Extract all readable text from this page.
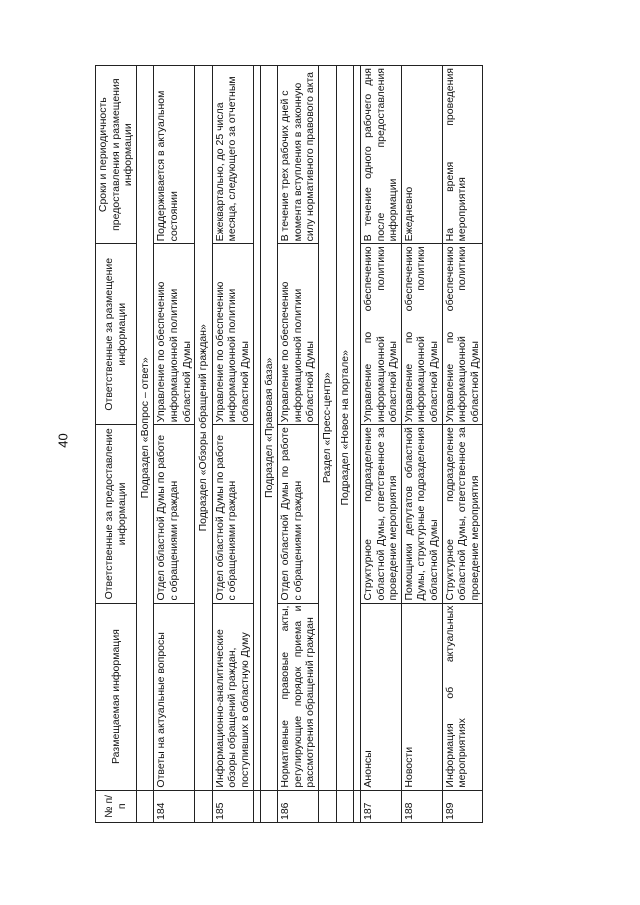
40
№ п/п	Размещаемая информация	Ответственные за предоставление информации	Ответственные за размещение информации	Сроки и периодичность предоставления и размещения информации
	Подраздел «Вопрос – ответ»			
184	Ответы на актуальные вопросы	Отдел областной Думы по работе с обращениями граждан	Управление по обеспечению информационной политики областной Думы	Поддерживается в актуальном состоянии
	Подраздел «Обзоры обращений граждан»			
185	Информационно-аналитические обзоры обращений граждан, поступивших в областную Думу	Отдел областной Думы по работе с обращениями граждан	Управление по обеспечению информационной политики областной Думы	Ежеквартально, до 25 числа месяца, следующего за отчетным

	Подраздел «Правовая база»			
186	Нормативные правовые акты, регулирующие порядок приема и рассмотрения обращений граждан	Отдел областной Думы по работе с обращениями граждан	Управление по обеспечению информационной политики областной Думы	В течение трех рабочих дней с момента вступления в законную силу нормативного правового акта
	Раздел «Пресс-центр»			
	Подраздел «Новое на портале»			

187	Анонсы	Структурное подразделение областной Думы, ответственное за проведение мероприятия	Управление по обеспечению информационной политики областной Думы	В течение одного рабочего дня после предоставления информации
188	Новости	Помощники депутатов областной Думы, структурные подразделения областной Думы	Управление по обеспечению информационной политики областной Думы	Ежедневно
189	Информация об актуальных мероприятиях	Структурное подразделение областной Думы, ответственное за проведение мероприятия	Управление по обеспечению информационной политики областной Думы	На время проведения мероприятия
